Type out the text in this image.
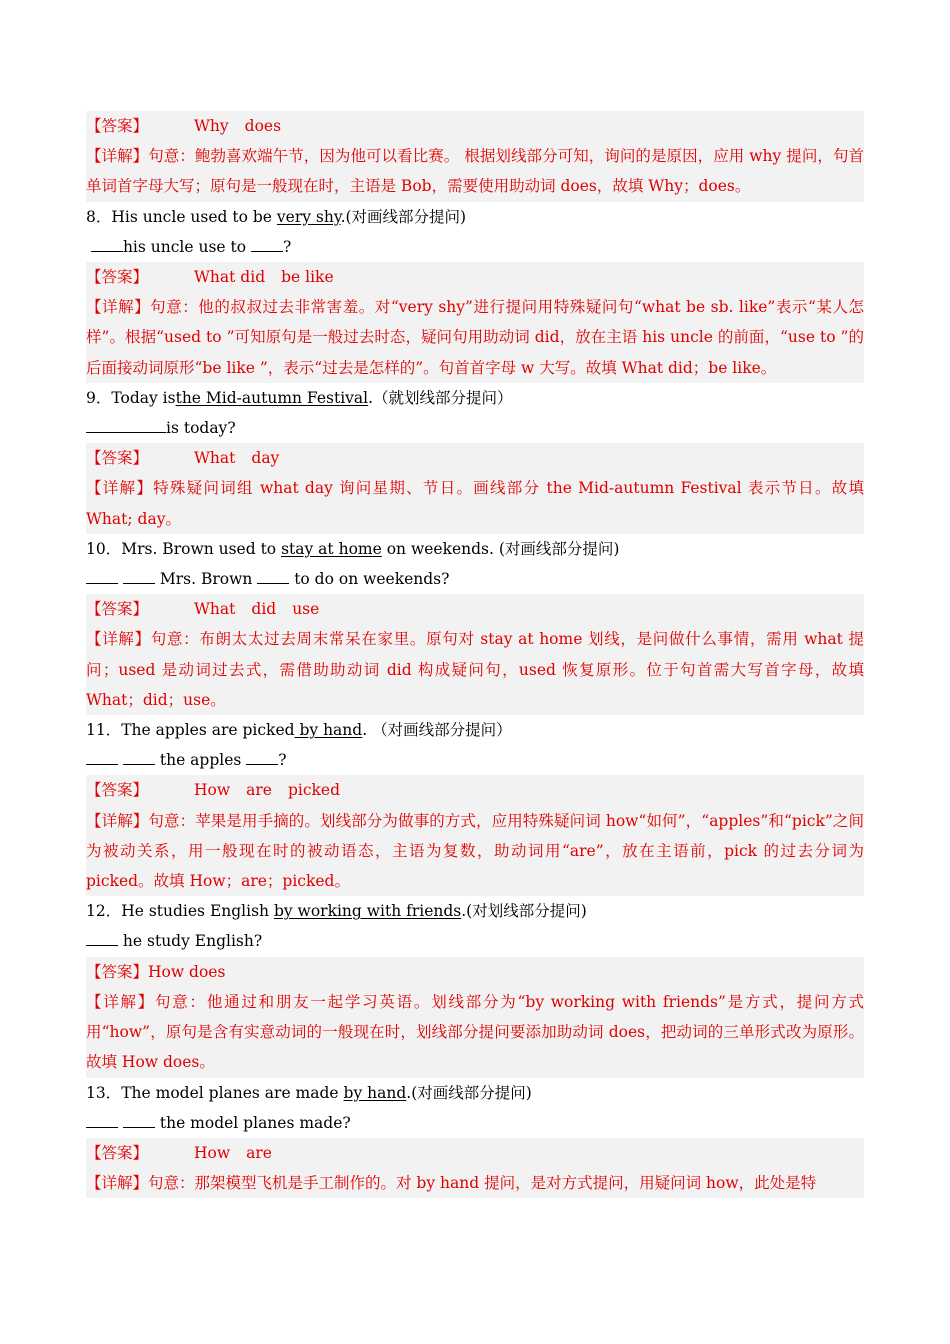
【答案】	Why does
【详解】句意：鲍勃喜欢端午节，因为他可以看比赛。 根据划线部分可知，询问的是原因，应用 why 提问，句首单词首字母大写；原句是一般现在时，主语是 Bob，需要使用助动词 does，故填 Why；does。
8．His uncle used to be very shy.(对画线部分提问)
his uncle use to ?
【答案】	What did be like
【详解】句意：他的叔叔过去非常害羞。对“very shy”进行提问用特殊疑问句“what be sb. like”表示“某人怎样”。根据“used to ”可知原句是一般过去时态，疑问句用助动词 did，放在主语 his uncle 的前面，“use to ”的后面接动词原形“be like ”，表示“过去是怎样的”。句首首字母 w 大写。故填 What did；be like。
9．Today isthe Mid-autumn Festival.（就划线部分提问）
is today?
【答案】	What day
【详解】特殊疑问词组 what day 询问星期、节日。画线部分 the Mid-autumn Festival 表示节日。故填 What; day。
10．Mrs. Brown used to stay at home on weekends. (对画线部分提问)
Mrs. Brown  to do on weekends?
【答案】	What did use
【详解】句意：布朗太太过去周末常呆在家里。原句对 stay at home 划线，是问做什么事情，需用 what 提问；used 是动词过去式，需借助助动词 did 构成疑问句，used 恢复原形。位于句首需大写首字母，故填 What；did；use。
11．The apples are picked by hand. （对画线部分提问）
the apples ?
【答案】	How are picked
【详解】句意：苹果是用手摘的。划线部分为做事的方式，应用特殊疑问词 how“如何”，“apples”和“pick”之间为被动关系，用一般现在时的被动语态，主语为复数，助动词用“are”，放在主语前，pick 的过去分词为 picked。故填 How；are；picked。
12．He studies English by working with friends.(对划线部分提问)
he study English?
【答案】How does
【详解】句意：他通过和朋友一起学习英语。划线部分为“by working with friends”是方式，提问方式用“how”，原句是含有实意动词的一般现在时，划线部分提问要添加助动词 does，把动词的三单形式改为原形。故填 How does。
13．The model planes are made by hand.(对画线部分提问)
the model planes made?
【答案】	How are
【详解】句意：那架模型飞机是手工制作的。对 by hand 提问，是对方式提问，用疑问词 how，此处是特
